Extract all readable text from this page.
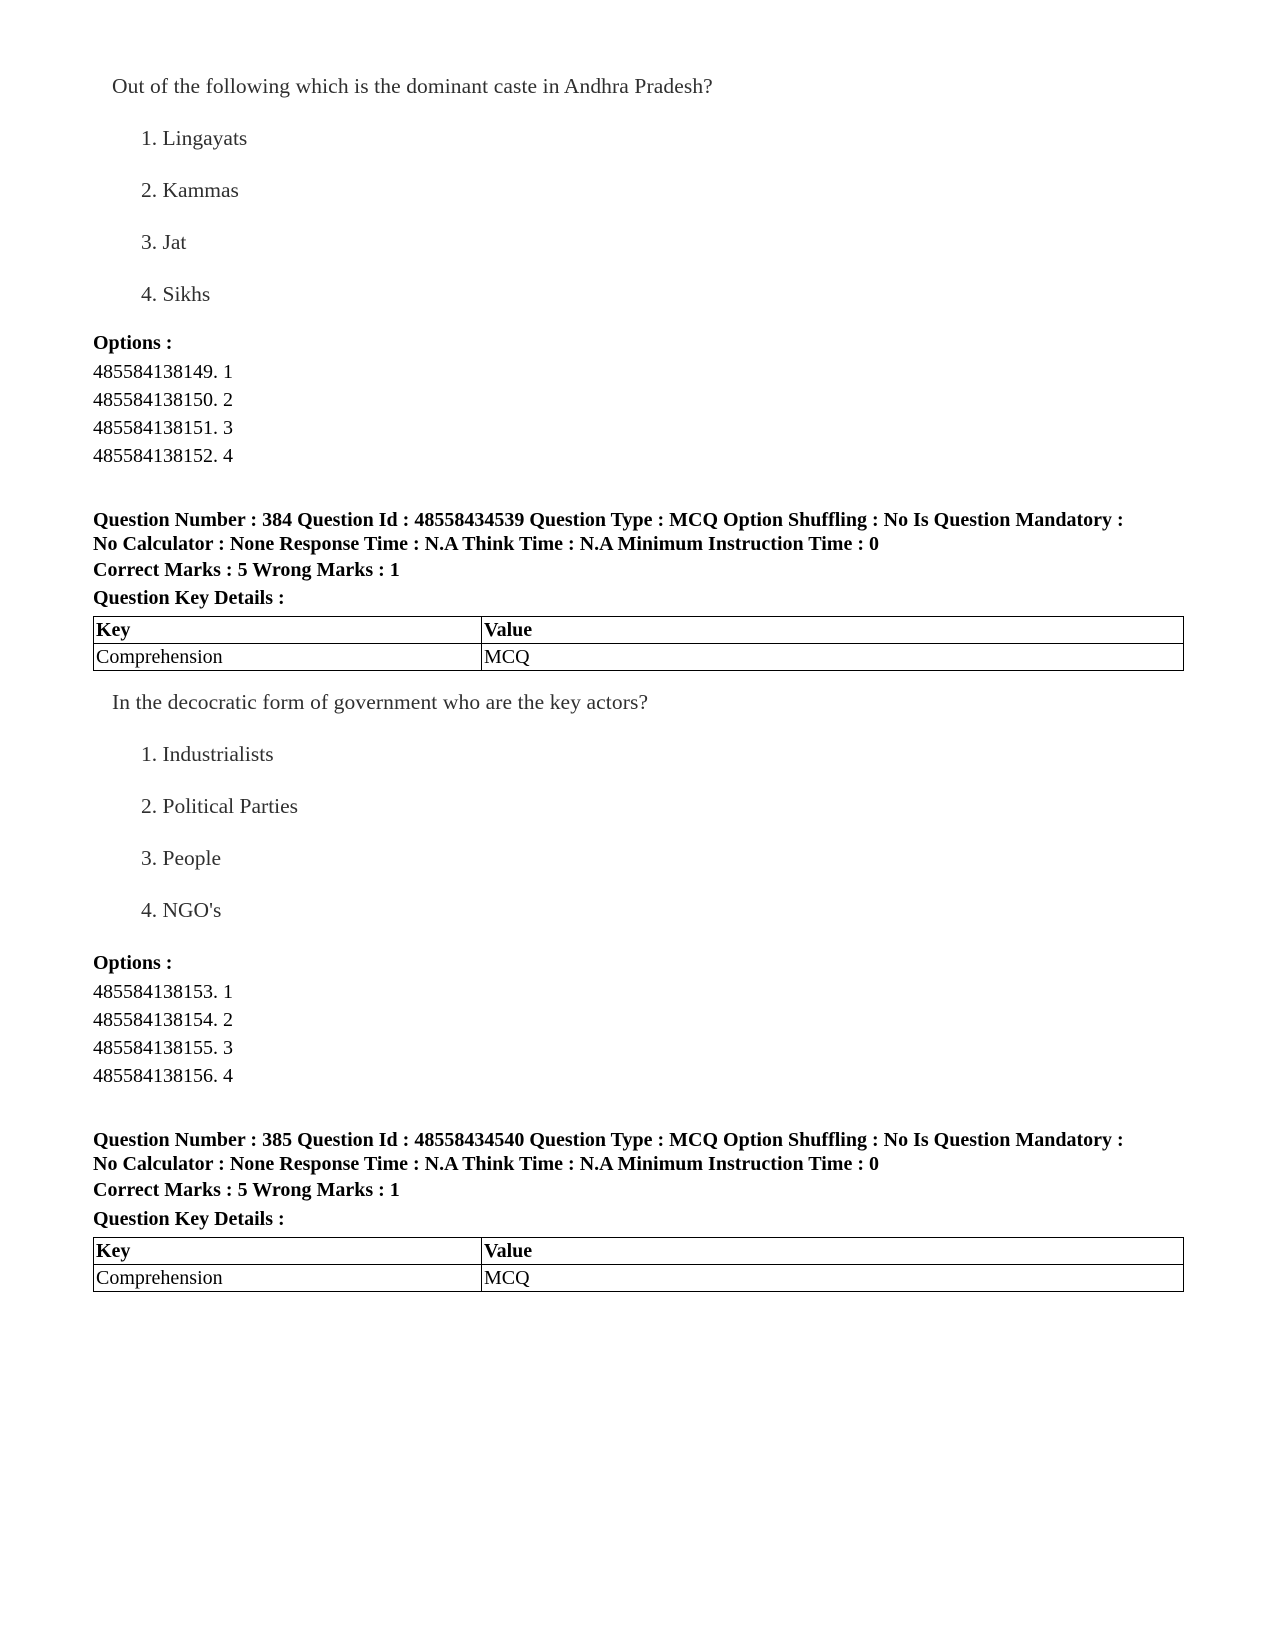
Out of the following which is the dominant caste in Andhra Pradesh?
1. Lingayats
2. Kammas
3. Jat
4. Sikhs
Options :
485584138149. 1
485584138150. 2
485584138151. 3
485584138152. 4
Question Number : 384 Question Id : 48558434539 Question Type : MCQ Option Shuffling : No Is Question Mandatory :
No Calculator : None Response Time : N.A Think Time : N.A Minimum Instruction Time : 0
Correct Marks : 5 Wrong Marks : 1
Question Key Details :
Key	Value
Comprehension	MCQ
In the decocratic form of government who are the key actors?
1. Industrialists
2. Political Parties
3. People
4. NGO's
Options :
485584138153. 1
485584138154. 2
485584138155. 3
485584138156. 4
Question Number : 385 Question Id : 48558434540 Question Type : MCQ Option Shuffling : No Is Question Mandatory :
No Calculator : None Response Time : N.A Think Time : N.A Minimum Instruction Time : 0
Correct Marks : 5 Wrong Marks : 1
Question Key Details :
Key	Value
Comprehension	MCQ
